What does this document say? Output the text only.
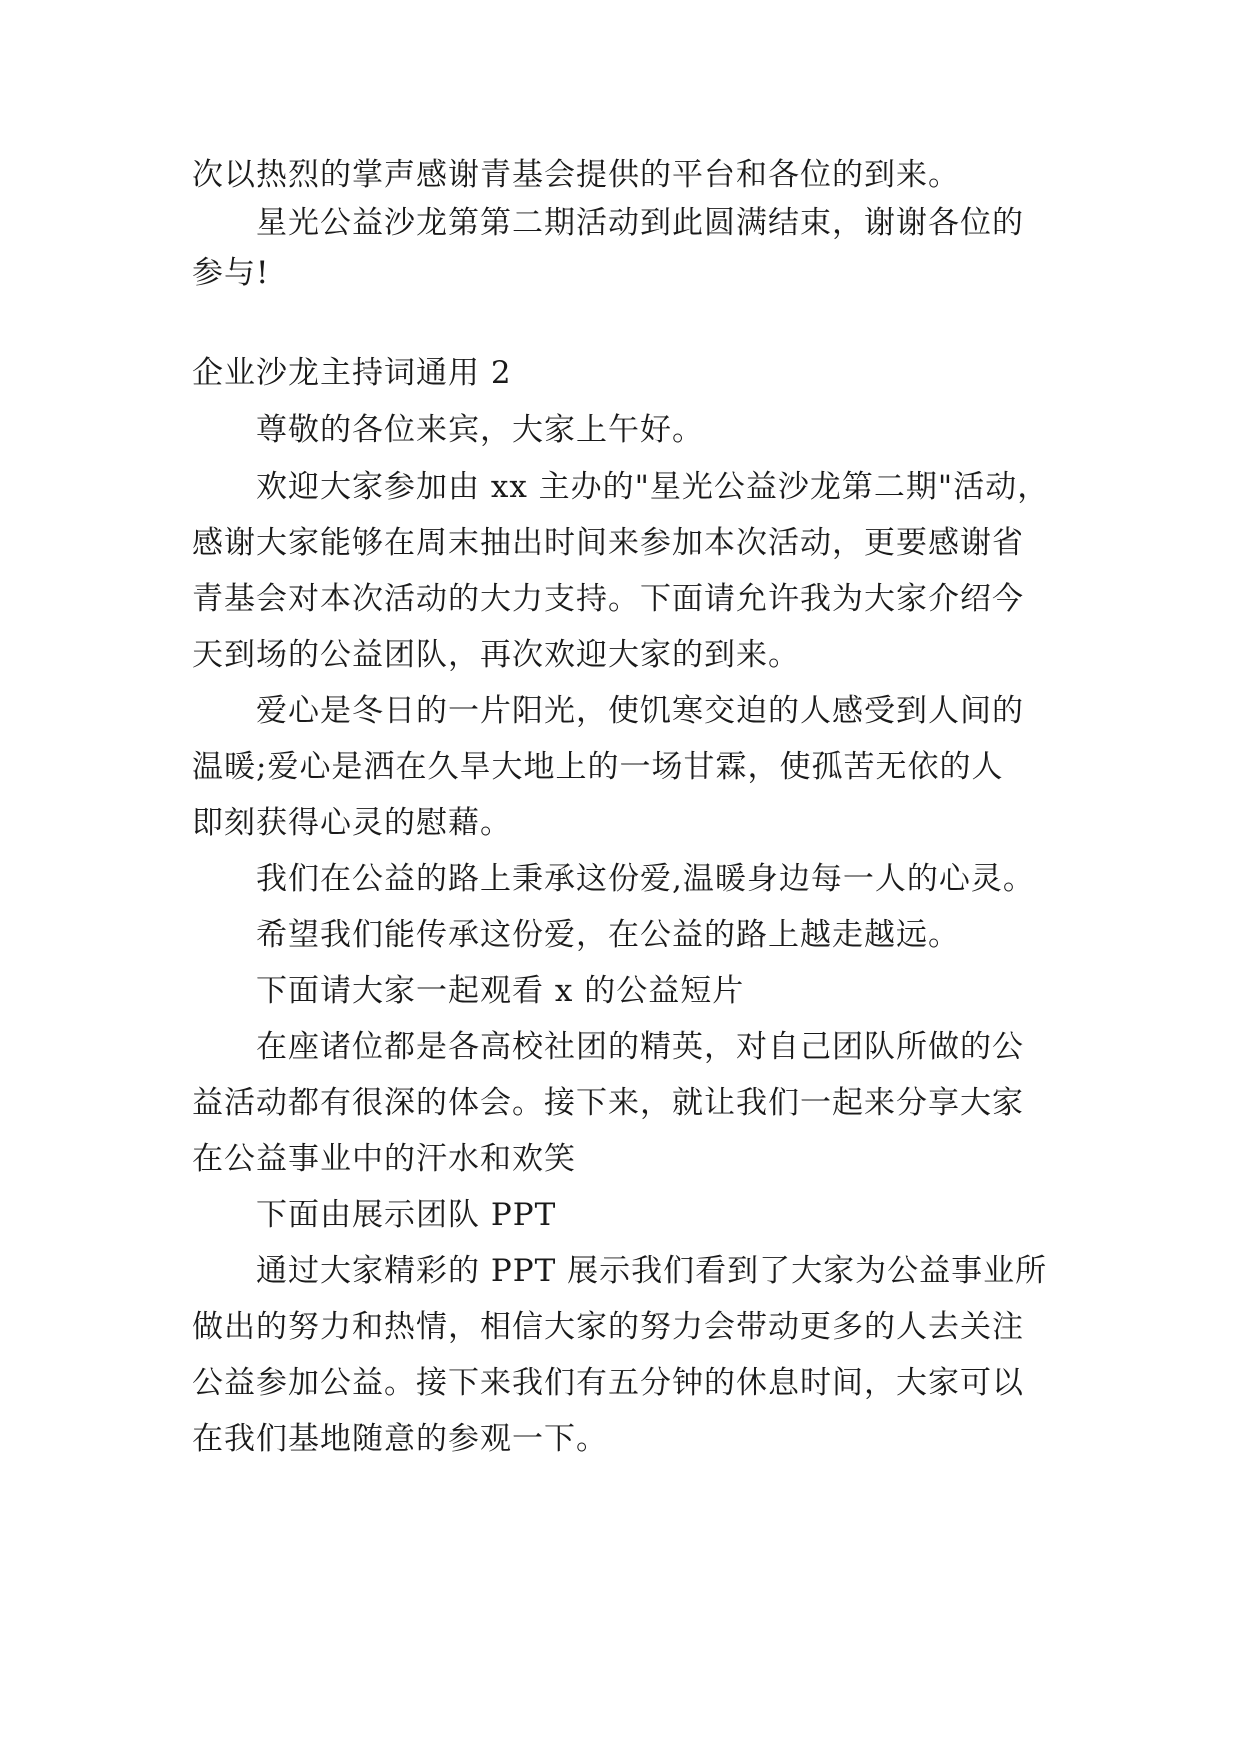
次以热烈的掌声感谢青基会提供的平台和各位的到来。

星光公益沙龙第第二期活动到此圆满结束，谢谢各位的

参与!

企业沙龙主持词通用 2

尊敬的各位来宾，大家上午好。

欢迎大家参加由 xx 主办的"星光公益沙龙第二期"活动，

感谢大家能够在周末抽出时间来参加本次活动，更要感谢省

青基会对本次活动的大力支持。下面请允许我为大家介绍今

天到场的公益团队，再次欢迎大家的到来。

爱心是冬日的一片阳光，使饥寒交迫的人感受到人间的

温暖;爱心是洒在久旱大地上的一场甘霖，使孤苦无依的人

即刻获得心灵的慰藉。

我们在公益的路上秉承这份爱,温暖身边每一人的心灵。

希望我们能传承这份爱，在公益的路上越走越远。

下面请大家一起观看 x 的公益短片

在座诸位都是各高校社团的精英，对自己团队所做的公

益活动都有很深的体会。接下来，就让我们一起来分享大家

在公益事业中的汗水和欢笑

下面由展示团队 PPT

通过大家精彩的 PPT 展示我们看到了大家为公益事业所

做出的努力和热情，相信大家的努力会带动更多的人去关注

公益参加公益。接下来我们有五分钟的休息时间，大家可以

在我们基地随意的参观一下。
